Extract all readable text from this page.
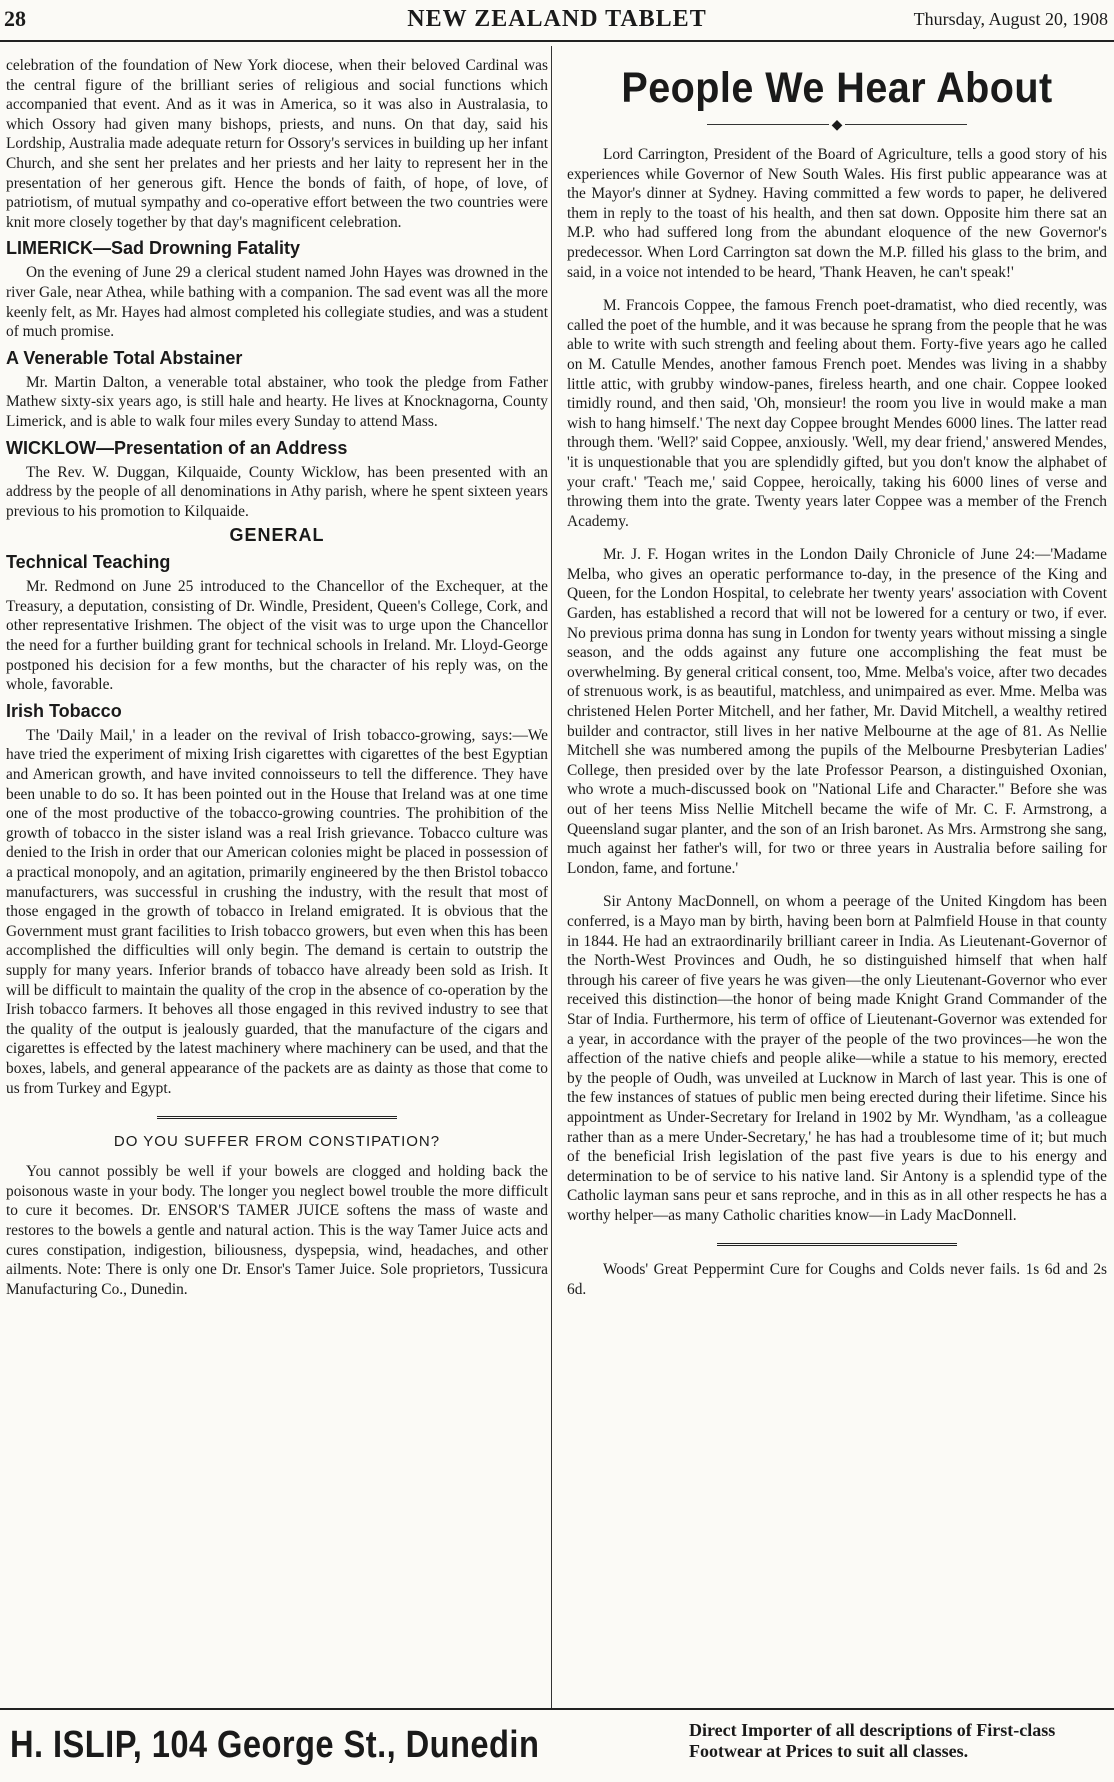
28	NEW ZEALAND TABLET	Thursday, August 20, 1908

celebration of the foundation of New York diocese, when their beloved Cardinal was the central figure of the brilliant series of religious and social functions which accompanied that event. And as it was in America, so it was also in Australasia, to which Ossory had given many bishops, priests, and nuns. On that day, said his Lordship, Australia made adequate return for Ossory's services in building up her infant Church, and she sent her prelates and her priests and her laity to represent her in the presentation of her generous gift. Hence the bonds of faith, of hope, of love, of patriotism, of mutual sympathy and co-operative effort between the two countries were knit more closely together by that day's magnificent celebration.

LIMERICK—Sad Drowning Fatality

On the evening of June 29 a clerical student named John Hayes was drowned in the river Gale, near Athea, while bathing with a companion. The sad event was all the more keenly felt, as Mr. Hayes had almost completed his collegiate studies, and was a student of much promise.

A Venerable Total Abstainer

Mr. Martin Dalton, a venerable total abstainer, who took the pledge from Father Mathew sixty-six years ago, is still hale and hearty. He lives at Knocknagorna, County Limerick, and is able to walk four miles every Sunday to attend Mass.

WICKLOW—Presentation of an Address

The Rev. W. Duggan, Kilquaide, County Wicklow, has been presented with an address by the people of all denominations in Athy parish, where he spent sixteen years previous to his promotion to Kilquaide.

GENERAL
Technical Teaching

Mr. Redmond on June 25 introduced to the Chancellor of the Exchequer, at the Treasury, a deputation, consisting of Dr. Windle, President, Queen's College, Cork, and other representative Irishmen. The object of the visit was to urge upon the Chancellor the need for a further building grant for technical schools in Ireland. Mr. Lloyd-George postponed his decision for a few months, but the character of his reply was, on the whole, favorable.

Irish Tobacco

The 'Daily Mail,' in a leader on the revival of Irish tobacco-growing, says:—We have tried the experiment of mixing Irish cigarettes with cigarettes of the best Egyptian and American growth, and have invited connoisseurs to tell the difference. They have been unable to do so. It has been pointed out in the House that Ireland was at one time one of the most productive of the tobacco-growing countries. The prohibition of the growth of tobacco in the sister island was a real Irish grievance. Tobacco culture was denied to the Irish in order that our American colonies might be placed in possession of a practical monopoly, and an agitation, primarily engineered by the then Bristol tobacco manufacturers, was successful in crushing the industry, with the result that most of those engaged in the growth of tobacco in Ireland emigrated. It is obvious that the Government must grant facilities to Irish tobacco growers, but even when this has been accomplished the difficulties will only begin. The demand is certain to outstrip the supply for many years. Inferior brands of tobacco have already been sold as Irish. It will be difficult to maintain the quality of the crop in the absence of co-operation by the Irish tobacco farmers. It behoves all those engaged in this revived industry to see that the quality of the output is jealously guarded, that the manufacture of the cigars and cigarettes is effected by the latest machinery where machinery can be used, and that the boxes, labels, and general appearance of the packets are as dainty as those that come to us from Turkey and Egypt.

DO YOU SUFFER FROM CONSTIPATION?

You cannot possibly be well if your bowels are clogged and holding back the poisonous waste in your body. The longer you neglect bowel trouble the more difficult to cure it becomes. Dr. ENSOR'S TAMER JUICE softens the mass of waste and restores to the bowels a gentle and natural action. This is the way Tamer Juice acts and cures constipation, indigestion, biliousness, dyspepsia, wind, headaches, and other ailments. Note: There is only one Dr. Ensor's Tamer Juice. Sole proprietors, Tussicura Manufacturing Co., Dunedin.

People We Hear About
◆

Lord Carrington, President of the Board of Agriculture, tells a good story of his experiences while Governor of New South Wales. His first public appearance was at the Mayor's dinner at Sydney. Having committed a few words to paper, he delivered them in reply to the toast of his health, and then sat down. Opposite him there sat an M.P. who had suffered long from the abundant eloquence of the new Governor's predecessor. When Lord Carrington sat down the M.P. filled his glass to the brim, and said, in a voice not intended to be heard, 'Thank Heaven, he can't speak!'

M. Francois Coppee, the famous French poet-dramatist, who died recently, was called the poet of the humble, and it was because he sprang from the people that he was able to write with such strength and feeling about them. Forty-five years ago he called on M. Catulle Mendes, another famous French poet. Mendes was living in a shabby little attic, with grubby window-panes, fireless hearth, and one chair. Coppee looked timidly round, and then said, 'Oh, monsieur! the room you live in would make a man wish to hang himself.' The next day Coppee brought Mendes 6000 lines. The latter read through them. 'Well?' said Coppee, anxiously. 'Well, my dear friend,' answered Mendes, 'it is unquestionable that you are splendidly gifted, but you don't know the alphabet of your craft.' 'Teach me,' said Coppee, heroically, taking his 6000 lines of verse and throwing them into the grate. Twenty years later Coppee was a member of the French Academy.

Mr. J. F. Hogan writes in the London Daily Chronicle of June 24:—'Madame Melba, who gives an operatic performance to-day, in the presence of the King and Queen, for the London Hospital, to celebrate her twenty years' association with Covent Garden, has established a record that will not be lowered for a century or two, if ever. No previous prima donna has sung in London for twenty years without missing a single season, and the odds against any future one accomplishing the feat must be overwhelming. By general critical consent, too, Mme. Melba's voice, after two decades of strenuous work, is as beautiful, matchless, and unimpaired as ever. Mme. Melba was christened Helen Porter Mitchell, and her father, Mr. David Mitchell, a wealthy retired builder and contractor, still lives in her native Melbourne at the age of 81. As Nellie Mitchell she was numbered among the pupils of the Melbourne Presbyterian Ladies' College, then presided over by the late Professor Pearson, a distinguished Oxonian, who wrote a much-discussed book on "National Life and Character." Before she was out of her teens Miss Nellie Mitchell became the wife of Mr. C. F. Armstrong, a Queensland sugar planter, and the son of an Irish baronet. As Mrs. Armstrong she sang, much against her father's will, for two or three years in Australia before sailing for London, fame, and fortune.'

Sir Antony MacDonnell, on whom a peerage of the United Kingdom has been conferred, is a Mayo man by birth, having been born at Palmfield House in that county in 1844. He had an extraordinarily brilliant career in India. As Lieutenant-Governor of the North-West Provinces and Oudh, he so distinguished himself that when half through his career of five years he was given—the only Lieutenant-Governor who ever received this distinction—the honor of being made Knight Grand Commander of the Star of India. Furthermore, his term of office of Lieutenant-Governor was extended for a year, in accordance with the prayer of the people of the two provinces—he won the affection of the native chiefs and people alike—while a statue to his memory, erected by the people of Oudh, was unveiled at Lucknow in March of last year. This is one of the few instances of statues of public men being erected during their lifetime. Since his appointment as Under-Secretary for Ireland in 1902 by Mr. Wyndham, 'as a colleague rather than as a mere Under-Secretary,' he has had a troublesome time of it; but much of the beneficial Irish legislation of the past five years is due to his energy and determination to be of service to his native land. Sir Antony is a splendid type of the Catholic layman sans peur et sans reproche, and in this as in all other respects he has a worthy helper—as many Catholic charities know—in Lady MacDonnell.

Woods' Great Peppermint Cure for Coughs and Colds never fails. 1s 6d and 2s 6d.

H. ISLIP, 104 George St., Dunedin	Direct Importer of all descriptions of First-class Footwear at Prices to suit all classes.
